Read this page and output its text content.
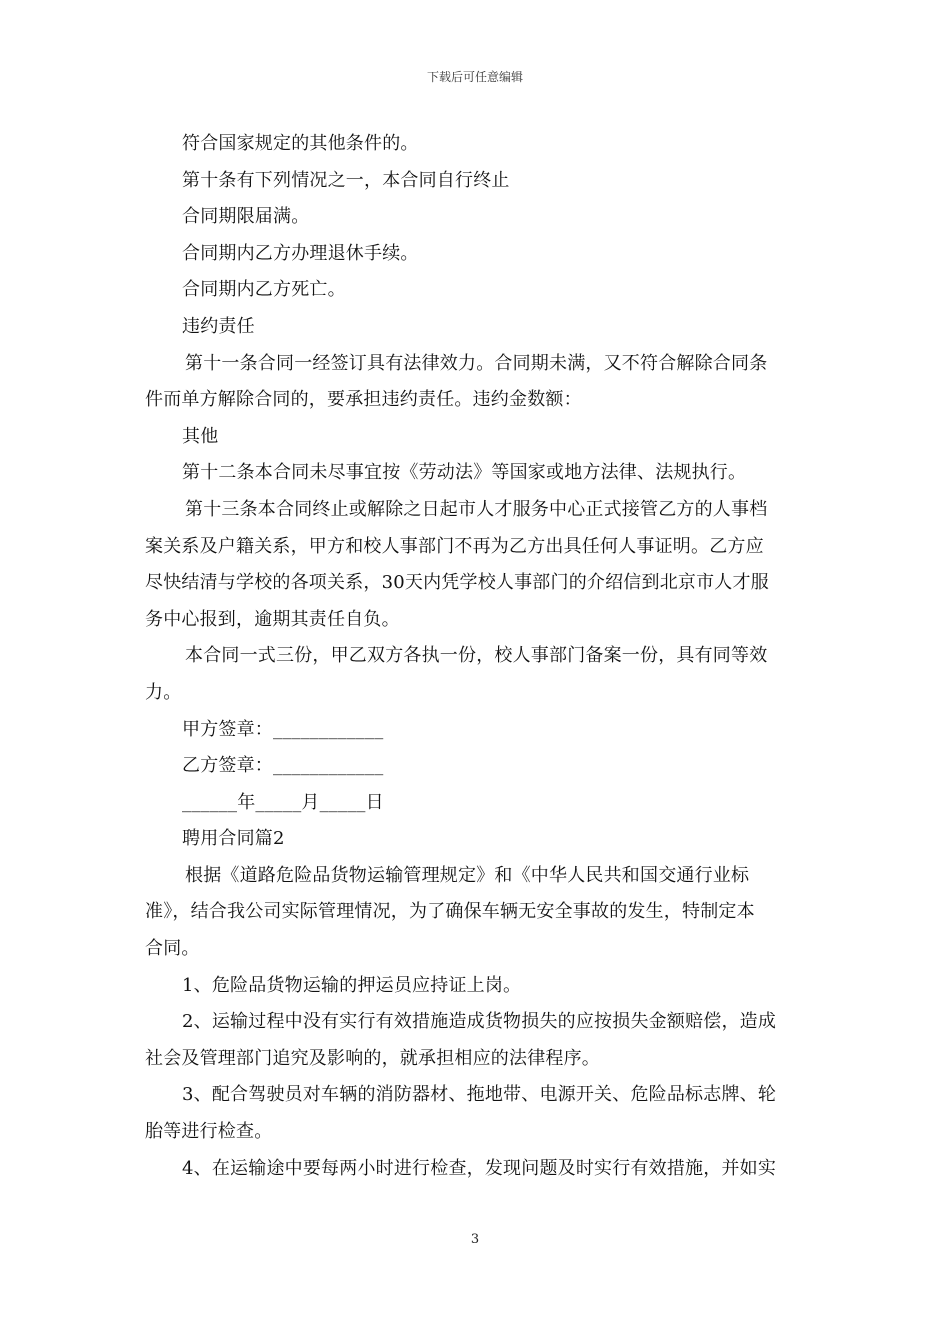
下载后可任意编辑

符合国家规定的其他条件的。

第十条有下列情况之一，本合同自行终止

合同期限届满。

合同期内乙方办理退休手续。

合同期内乙方死亡。

违约责任

第十一条合同一经签订具有法律效力。合同期未满，又不符合解除合同条

件而单方解除合同的，要承担违约责任。违约金数额：

其他

第十二条本合同未尽事宜按《劳动法》等国家或地方法律、法规执行。

第十三条本合同终止或解除之日起市人才服务中心正式接管乙方的人事档

案关系及户籍关系，甲方和校人事部门不再为乙方出具任何人事证明。乙方应

尽快结清与学校的各项关系，30天内凭学校人事部门的介绍信到北京市人才服

务中心报到，逾期其责任自负。

本合同一式三份，甲乙双方各执一份，校人事部门备案一份，具有同等效

力。

甲方签章：____________

乙方签章：____________

______年_____月_____日

聘用合同篇2

根据《道路危险品货物运输管理规定》和《中华人民共和国交通行业标

准》，结合我公司实际管理情况，为了确保车辆无安全事故的发生，特制定本

合同。

1、危险品货物运输的押运员应持证上岗。

2、运输过程中没有实行有效措施造成货物损失的应按损失金额赔偿，造成

社会及管理部门追究及影响的，就承担相应的法律程序。

3、配合驾驶员对车辆的消防器材、拖地带、电源开关、危险品标志牌、轮

胎等进行检查。

4、在运输途中要每两小时进行检查，发现问题及时实行有效措施，并如实

3
